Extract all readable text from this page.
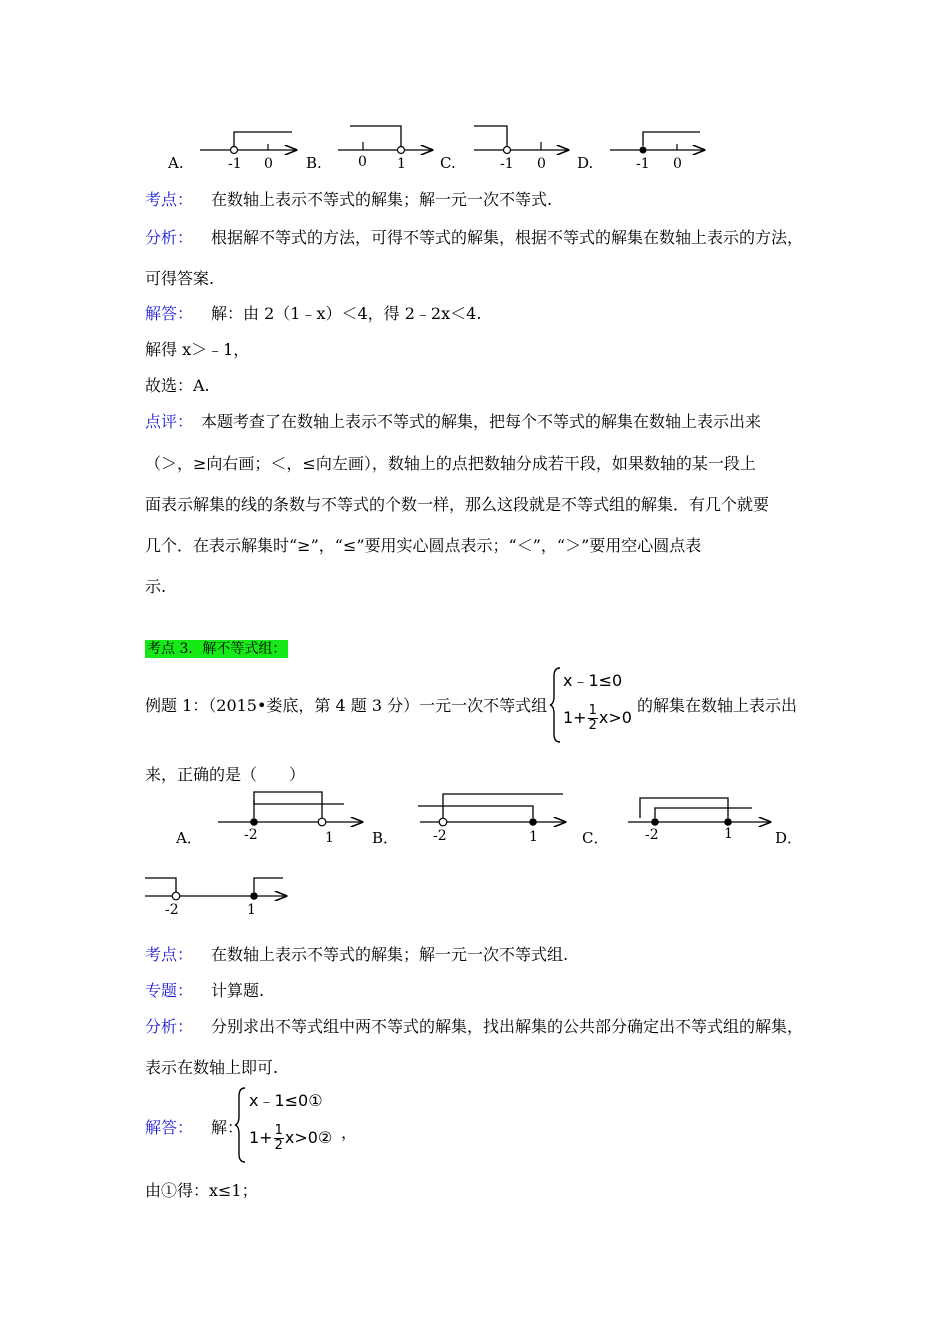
A.	B.	C.	D.
-1 0	0 1	-1 0	-1 0
考点： 在数轴上表示不等式的解集；解一元一次不等式.
分析： 根据解不等式的方法，可得不等式的解集，根据不等式的解集在数轴上表示的方法，
可得答案.
解答： 解：由 2（1﹣x）＜4，得 2﹣2x＜4.
解得 x＞﹣1，
故选：A.
点评： 本题考查了在数轴上表示不等式的解集，把每个不等式的解集在数轴上表示出来
（＞，≥向右画；＜，≤向左画），数轴上的点把数轴分成若干段，如果数轴的某一段上
面表示解集的线的条数与不等式的个数一样，那么这段就是不等式组的解集．有几个就要
几个．在表示解集时“≥”，“≤”要用实心圆点表示；“＜”，“＞”要用空心圆点表
示.
考点 3．解不等式组：
例题 1：（2015•娄底，第 4 题 3 分）一元一次不等式组
x﹣1≤0
$1+ \frac{1}{2} x>0$
的解集在数轴上表示出
来，正确的是（　　）
A．	B．	C．	D．
-2	1	-2	1	-2	1
-2	1
考点： 在数轴上表示不等式的解集；解一元一次不等式组.
专题： 计算题.
分析： 分别求出不等式组中两不等式的解集，找出解集的公共部分确定出不等式组的解集，
表示在数轴上即可.
解答： 解：
x﹣1≤0①
$1+ \frac{1}{2}$ x>0② ，
由①得：x≤1；
